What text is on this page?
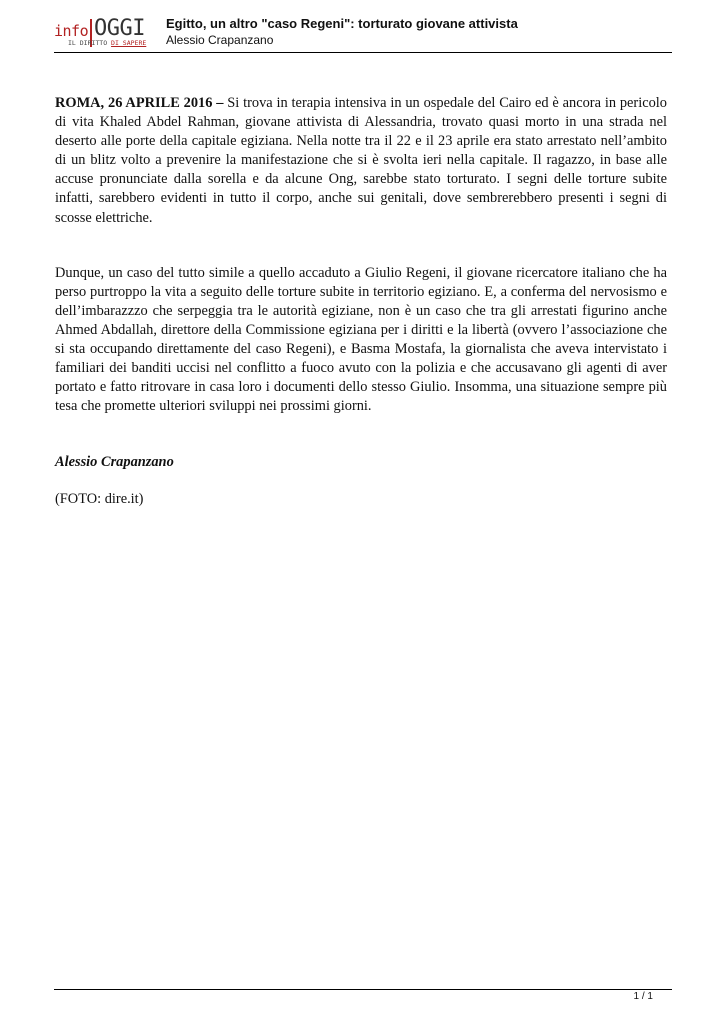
info OGGI
IL DIRITTO DI SAPERE
Egitto, un altro "caso Regeni": torturato giovane attivista
Alessio Crapanzano

ROMA, 26 APRILE 2016 – Si trova in terapia intensiva in un ospedale del Cairo ed è ancora in pericolo di vita Khaled Abdel Rahman, giovane attivista di Alessandria, trovato quasi morto in una strada nel deserto alle porte della capitale egiziana. Nella notte tra il 22 e il 23 aprile era stato arrestato nell’ambito di un blitz volto a prevenire la manifestazione che si è svolta ieri nella capitale. Il ragazzo, in base alle accuse pronunciate dalla sorella e da alcune Ong, sarebbe stato torturato. I segni delle torture subite infatti, sarebbero evidenti in tutto il corpo, anche sui genitali, dove sembrerebbero presenti i segni di scosse elettriche.

Dunque, un caso del tutto simile a quello accaduto a Giulio Regeni, il giovane ricercatore italiano che ha perso purtroppo la vita a seguito delle torture subite in territorio egiziano. E, a conferma del nervosismo e dell’imbarazzzo che serpeggia tra le autorità egiziane, non è un caso che tra gli arrestati figurino anche Ahmed Abdallah, direttore della Commissione egiziana per i diritti e la libertà (ovvero l’associazione che si sta occupando direttamente del caso Regeni), e Basma Mostafa, la giornalista che aveva intervistato i familiari dei banditi uccisi nel conflitto a fuoco avuto con la polizia e che accusavano gli agenti di aver portato e fatto ritrovare in casa loro i documenti dello stesso Giulio. Insomma, una situazione sempre più tesa che promette ulteriori sviluppi nei prossimi giorni.

Alessio Crapanzano

(FOTO: dire.it)

1 / 1
